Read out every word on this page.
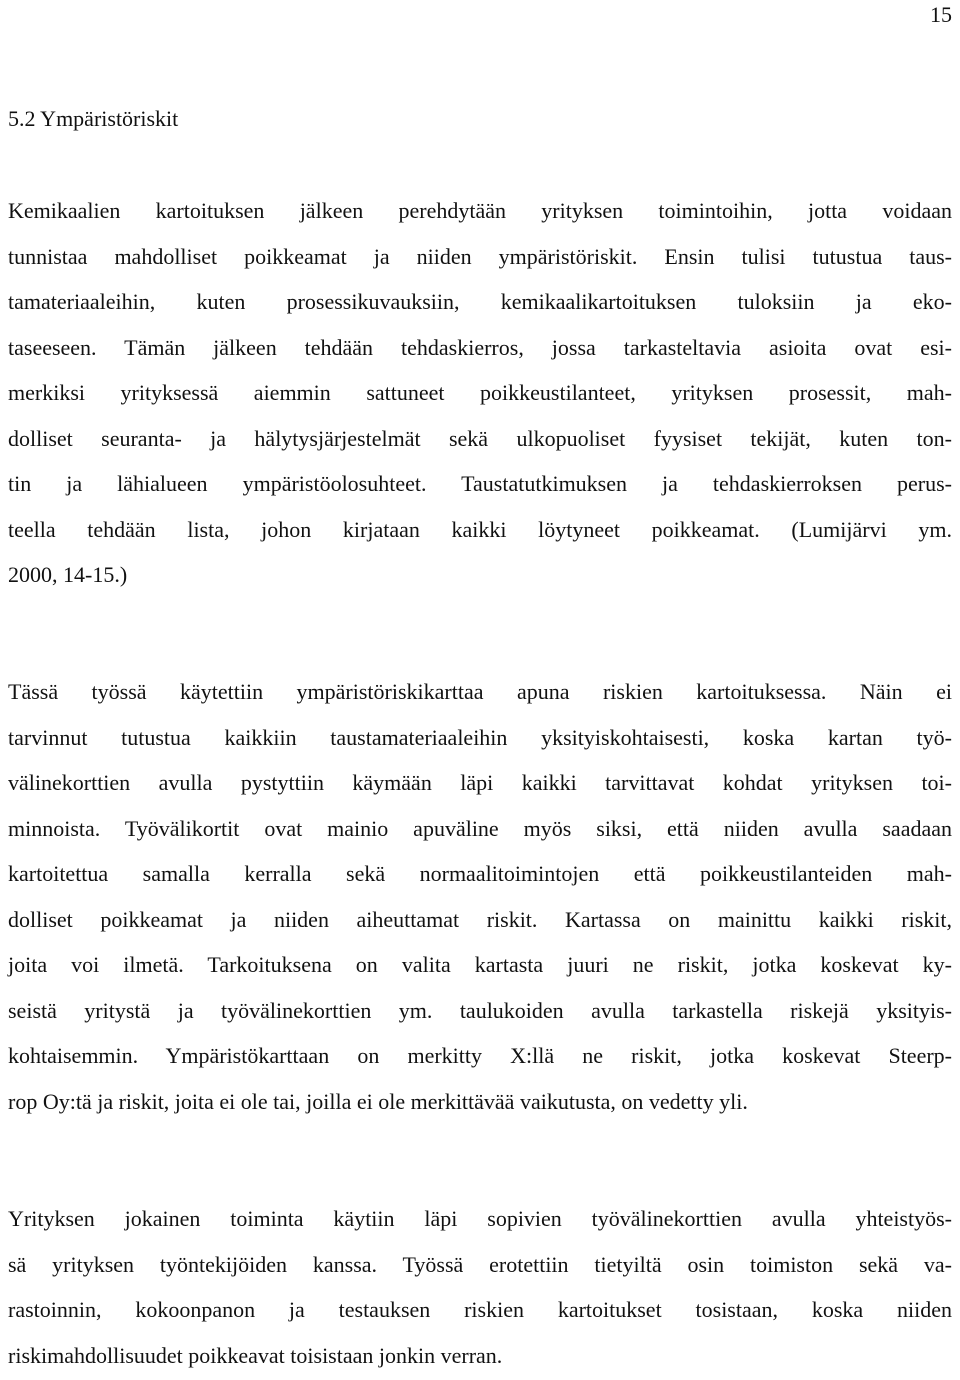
15
5.2 Ympäristöriskit
Kemikaalien kartoituksen jälkeen perehdytään yrityksen toimintoihin, jotta voidaan
tunnistaa mahdolliset poikkeamat ja niiden ympäristöriskit. Ensin tulisi tutustua taus-
tamateriaaleihin, kuten prosessikuvauksiin, kemikaalikartoituksen tuloksiin ja eko-
taseeseen. Tämän jälkeen tehdään tehdaskierros, jossa tarkasteltavia asioita ovat esi-
merkiksi yrityksessä aiemmin sattuneet poikkeustilanteet, yrityksen prosessit, mah-
dolliset seuranta- ja hälytysjärjestelmät sekä ulkopuoliset fyysiset tekijät, kuten ton-
tin ja lähialueen ympäristöolosuhteet. Taustatutkimuksen ja tehdaskierroksen perus-
teella tehdään lista, johon kirjataan kaikki löytyneet poikkeamat. (Lumijärvi ym.
2000, 14-15.)
Tässä työssä käytettiin ympäristöriskikarttaa apuna riskien kartoituksessa. Näin ei
tarvinnut tutustua kaikkiin taustamateriaaleihin yksityiskohtaisesti, koska kartan työ-
välinekorttien avulla pystyttiin käymään läpi kaikki tarvittavat kohdat yrityksen toi-
minnoista. Työvälikortit ovat mainio apuväline myös siksi, että niiden avulla saadaan
kartoitettua samalla kerralla sekä normaalitoimintojen että poikkeustilanteiden mah-
dolliset poikkeamat ja niiden aiheuttamat riskit. Kartassa on mainittu kaikki riskit,
joita voi ilmetä. Tarkoituksena on valita kartasta juuri ne riskit, jotka koskevat ky-
seistä yritystä ja työvälinekorttien ym. taulukoiden avulla tarkastella riskejä yksityis-
kohtaisemmin. Ympäristökarttaan on merkitty X:llä ne riskit, jotka koskevat Steerp-
rop Oy:tä ja riskit, joita ei ole tai, joilla ei ole merkittävää vaikutusta, on vedetty yli.
Yrityksen jokainen toiminta käytiin läpi sopivien työvälinekorttien avulla yhteistyös-
sä yrityksen työntekijöiden kanssa. Työssä erotettiin tietyiltä osin toimiston sekä va-
rastoinnin, kokoonpanon ja testauksen riskien kartoitukset tosistaan, koska niiden
riskimahdollisuudet poikkeavat toisistaan jonkin verran.
